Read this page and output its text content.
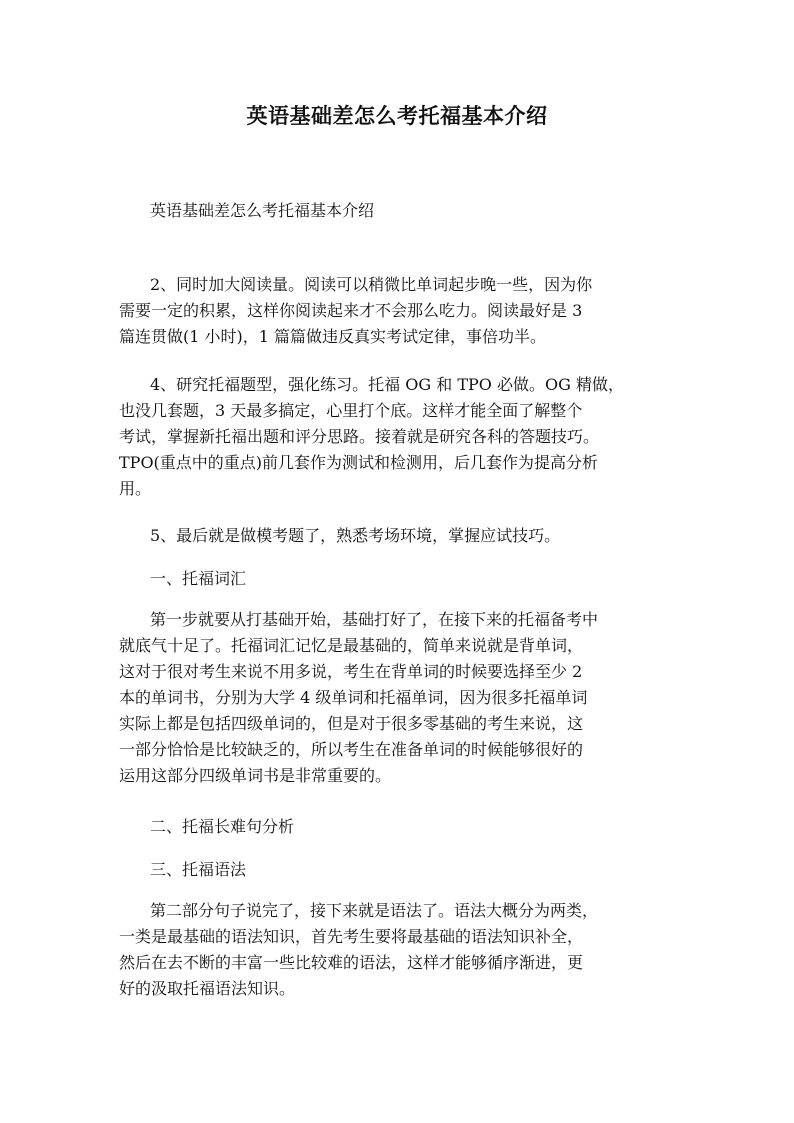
英语基础差怎么考托福基本介绍
英语基础差怎么考托福基本介绍
2、同时加大阅读量。阅读可以稍微比单词起步晚一些，因为你
需要一定的积累，这样你阅读起来才不会那么吃力。阅读最好是 3
篇连贯做(1 小时)，1 篇篇做违反真实考试定律，事倍功半。
4、研究托福题型，强化练习。托福 OG 和 TPO 必做。OG 精做，
也没几套题，3 天最多搞定，心里打个底。这样才能全面了解整个
考试，掌握新托福出题和评分思路。接着就是研究各科的答题技巧。
TPO(重点中的重点)前几套作为测试和检测用，后几套作为提高分析
用。
5、最后就是做模考题了，熟悉考场环境，掌握应试技巧。
一、托福词汇
第一步就要从打基础开始，基础打好了，在接下来的托福备考中
就底气十足了。托福词汇记忆是最基础的，简单来说就是背单词，
这对于很对考生来说不用多说，考生在背单词的时候要选择至少 2
本的单词书，分别为大学 4 级单词和托福单词，因为很多托福单词
实际上都是包括四级单词的，但是对于很多零基础的考生来说，这
一部分恰恰是比较缺乏的，所以考生在准备单词的时候能够很好的
运用这部分四级单词书是非常重要的。
二、托福长难句分析
三、托福语法
第二部分句子说完了，接下来就是语法了。语法大概分为两类，
一类是最基础的语法知识，首先考生要将最基础的语法知识补全，
然后在去不断的丰富一些比较难的语法，这样才能够循序渐进，更
好的汲取托福语法知识。
